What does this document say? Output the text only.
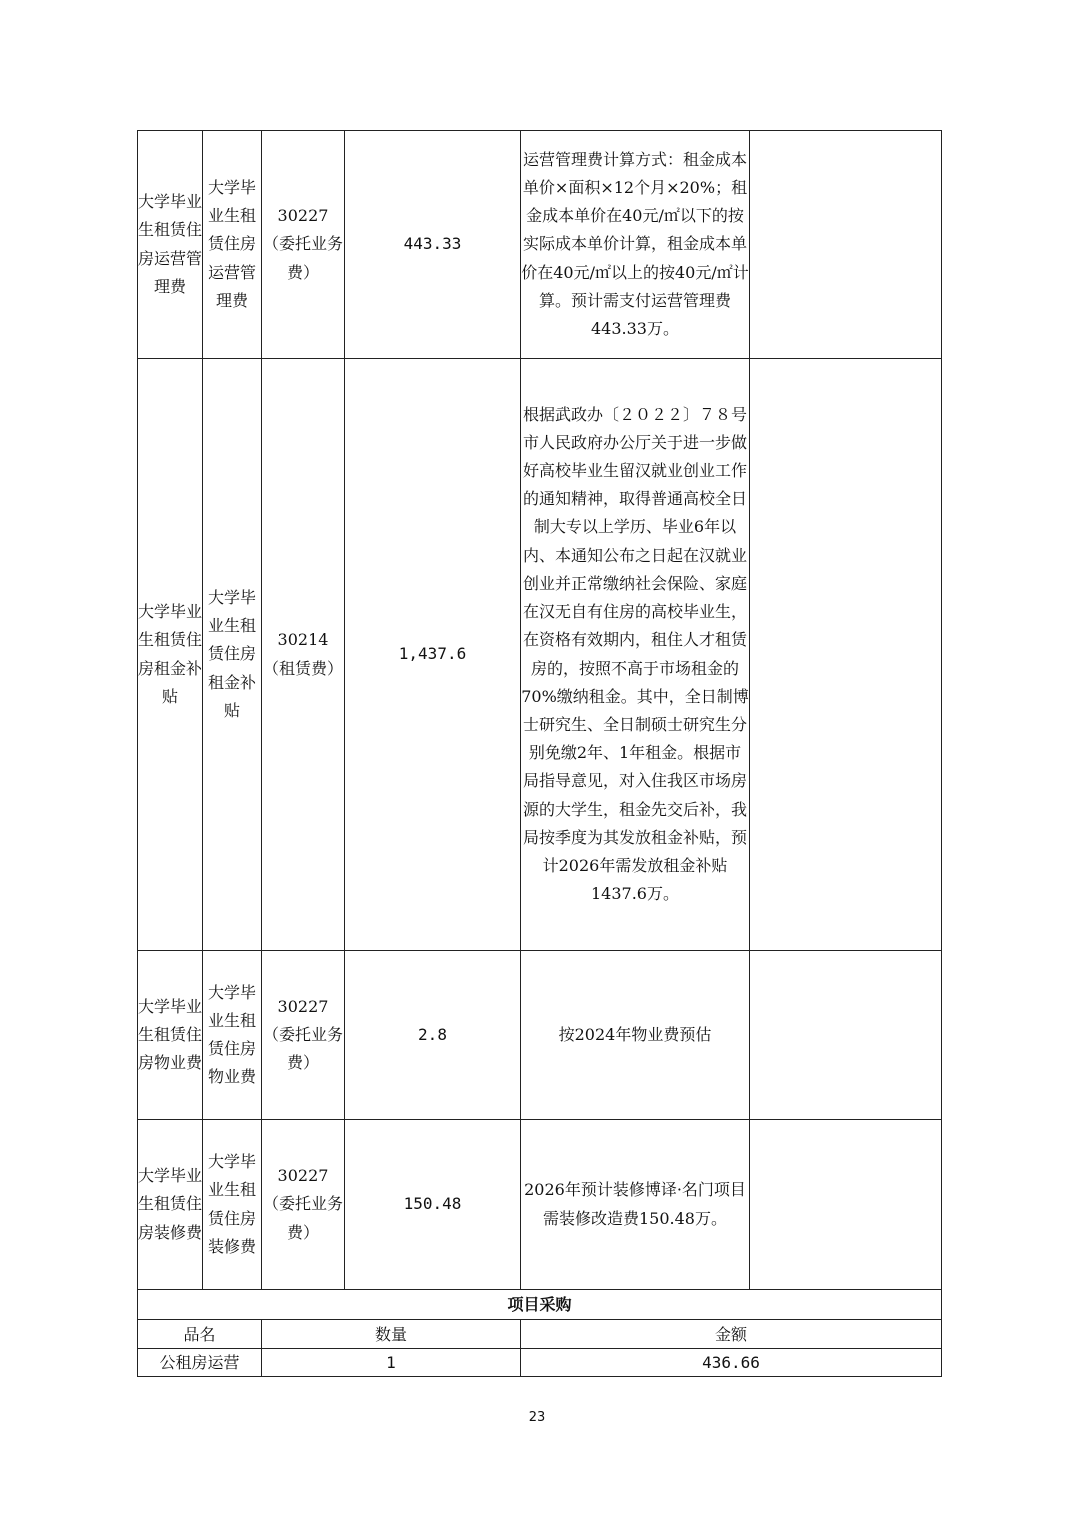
大学毕业生租赁住房运营管理费	大学毕业生租赁住房运营管理费	30227（委托业务费）	443.33	运营管理费计算方式：租金成本单价×面积×12个月×20%；租金成本单价在40元/㎡以下的按实际成本单价计算，租金成本单价在40元/㎡以上的按40元/㎡计算。预计需支付运营管理费443.33万。	

大学毕业生租赁住房租金补贴	大学毕业生租赁住房租金补贴	30214（租赁费）	1,437.6	根据武政办〔２０２２〕７８号市人民政府办公厅关于进一步做好高校毕业生留汉就业创业工作的通知精神，取得普通高校全日制大专以上学历、毕业6年以内、本通知公布之日起在汉就业创业并正常缴纳社会保险、家庭在汉无自有住房的高校毕业生，在资格有效期内，租住人才租赁房的，按照不高于市场租金的70%缴纳租金。其中，全日制博士研究生、全日制硕士研究生分别免缴2年、1年租金。根据市局指导意见，对入住我区市场房源的大学生，租金先交后补，我局按季度为其发放租金补贴，预计2026年需发放租金补贴1437.6万。	

大学毕业生租赁住房物业费	大学毕业生租赁住房物业费	30227（委托业务费）	2.8	按2024年物业费预估	

大学毕业生租赁住房装修费	大学毕业生租赁住房装修费	30227（委托业务费）	150.48	2026年预计装修博译·名门项目需装修改造费150.48万。	

项目采购					
品名		数量		金额	
公租房运营		1		436.66	
23
